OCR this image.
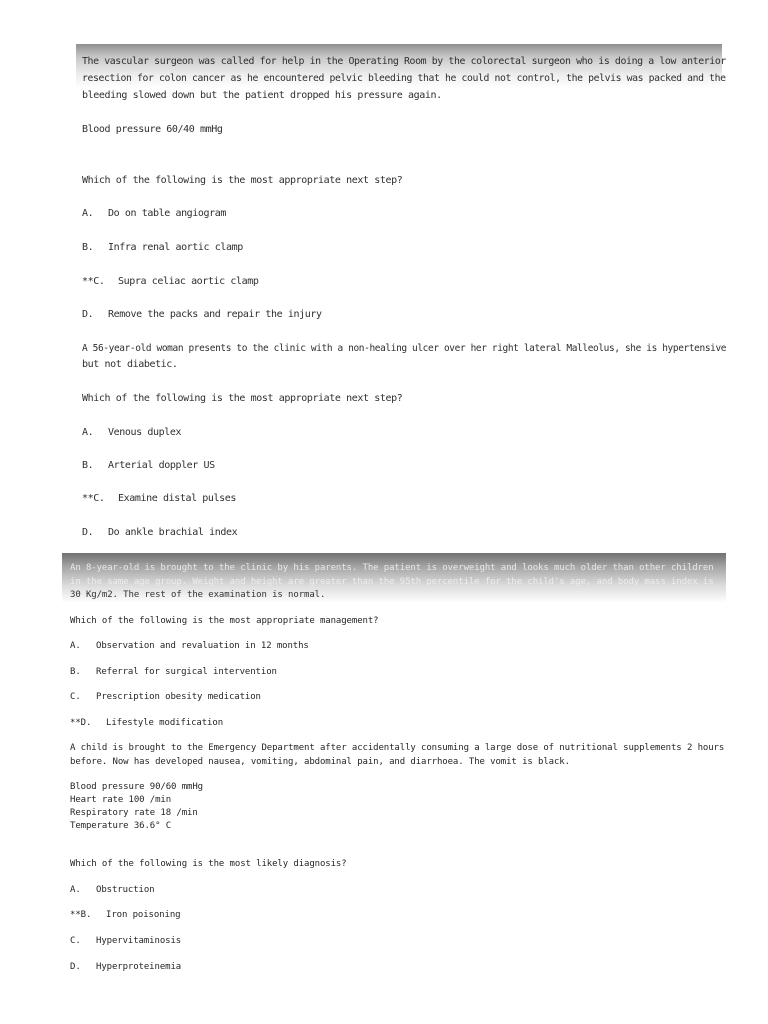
The vascular surgeon was called for help in the Operating Room by the colorectal surgeon who is doing a low anterior
resection for colon cancer as he encountered pelvic bleeding that he could not control, the pelvis was packed and the
bleeding slowed down but the patient dropped his pressure again.
Blood pressure 60/40 mmHg
Which of the following is the most appropriate next step?
A. Do on table angiogram
B. Infra renal aortic clamp
**C. Supra celiac aortic clamp
D. Remove the packs and repair the injury
A 56-year-old woman presents to the clinic with a non-healing ulcer over her right lateral Malleolus, she is hypertensive
but not diabetic.
Which of the following is the most appropriate next step?
A. Venous duplex
B. Arterial doppler US
**C. Examine distal pulses
D. Do ankle brachial index
An 8-year-old is brought to the clinic by his parents. The patient is overweight and looks much older than other children
in the same age group. Weight and height are greater than the 95th percentile for the child's age, and body mass index is
30 Kg/m2. The rest of the examination is normal.
Which of the following is the most appropriate management?
A. Observation and revaluation in 12 months
B. Referral for surgical intervention
C. Prescription obesity medication
**D. Lifestyle modification
A child is brought to the Emergency Department after accidentally consuming a large dose of nutritional supplements 2 hours
before. Now has developed nausea, vomiting, abdominal pain, and diarrhoea. The vomit is black.
Blood pressure 90/60 mmHg
Heart rate 100 /min
Respiratory rate 18 /min
Temperature 36.6° C
Which of the following is the most likely diagnosis?
A. Obstruction
**B. Iron poisoning
C. Hypervitaminosis
D. Hyperproteinemia
